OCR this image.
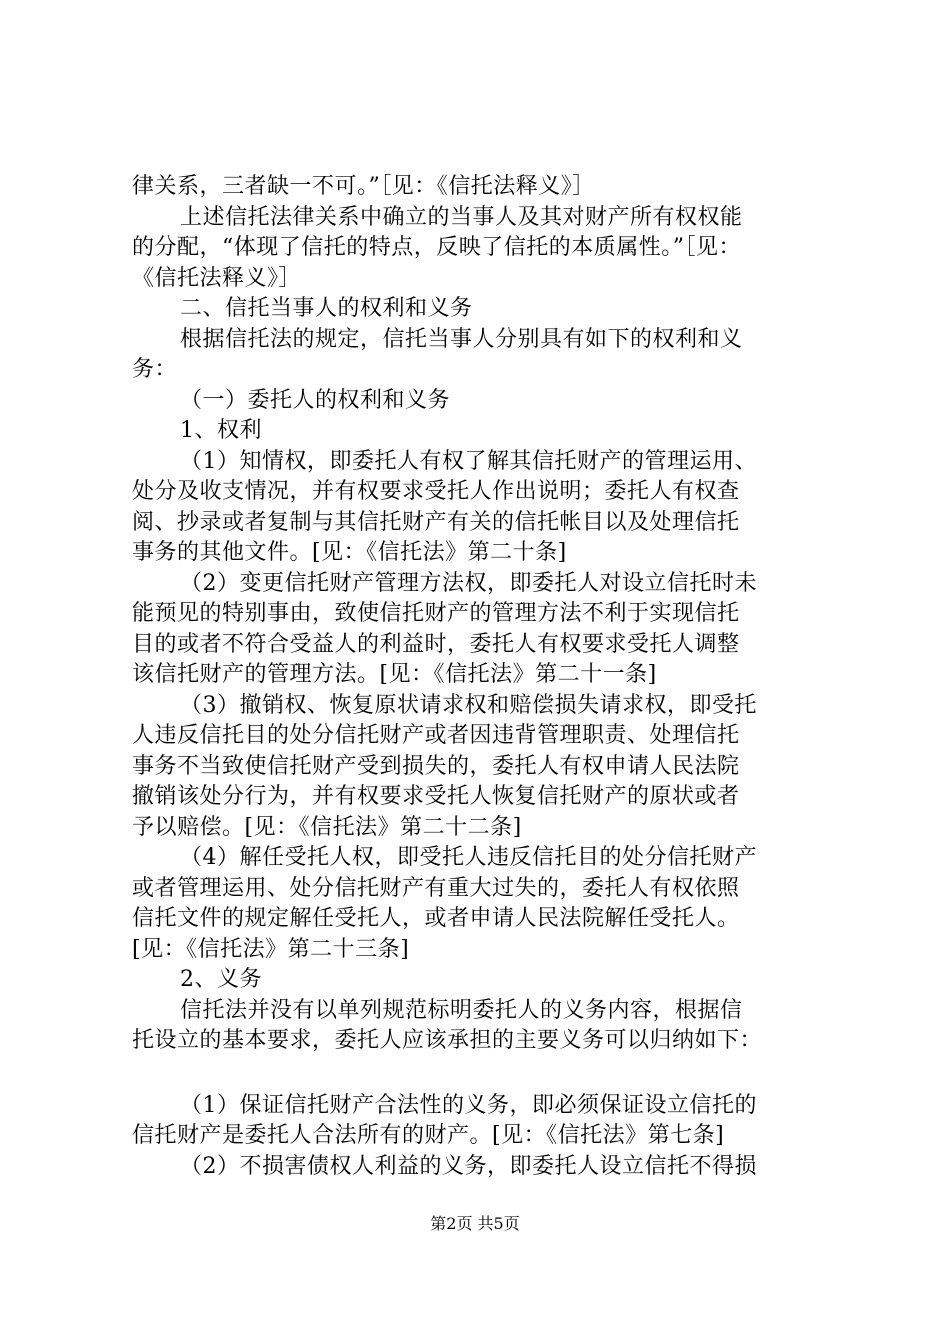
律关系，三者缺一不可。”［见：《信托法释义》］
上述信托法律关系中确立的当事人及其对财产所有权权能
的分配，“体现了信托的特点，反映了信托的本质属性。”［见：
《信托法释义》］
二、信托当事人的权利和义务
根据信托法的规定，信托当事人分别具有如下的权利和义
务：
（一）委托人的权利和义务
1、权利
（1）知情权，即委托人有权了解其信托财产的管理运用、
处分及收支情况，并有权要求受托人作出说明；委托人有权查
阅、抄录或者复制与其信托财产有关的信托帐目以及处理信托
事务的其他文件。[见：《信托法》第二十条]
（2）变更信托财产管理方法权，即委托人对设立信托时未
能预见的特别事由，致使信托财产的管理方法不利于实现信托
目的或者不符合受益人的利益时，委托人有权要求受托人调整
该信托财产的管理方法。[见：《信托法》第二十一条]
（3）撤销权、恢复原状请求权和赔偿损失请求权，即受托
人违反信托目的处分信托财产或者因违背管理职责、处理信托
事务不当致使信托财产受到损失的，委托人有权申请人民法院
撤销该处分行为，并有权要求受托人恢复信托财产的原状或者
予以赔偿。[见：《信托法》第二十二条]
（4）解任受托人权，即受托人违反信托目的处分信托财产
或者管理运用、处分信托财产有重大过失的，委托人有权依照
信托文件的规定解任受托人，或者申请人民法院解任受托人。
[见：《信托法》第二十三条]
2、义务
信托法并没有以单列规范标明委托人的义务内容，根据信
托设立的基本要求，委托人应该承担的主要义务可以归纳如下：
（1）保证信托财产合法性的义务，即必须保证设立信托的
信托财产是委托人合法所有的财产。[见：《信托法》第七条]
（2）不损害债权人利益的义务，即委托人设立信托不得损
第2页 共5页
